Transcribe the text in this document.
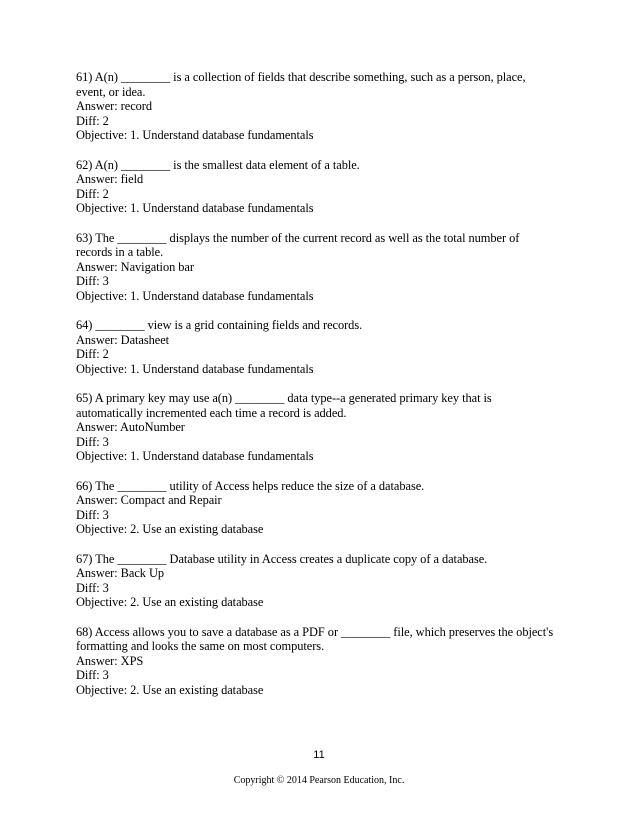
61) A(n) ________ is a collection of fields that describe something, such as a person, place, event, or idea.

Answer: record

Diff: 2

Objective: 1. Understand database fundamentals

62) A(n) ________ is the smallest data element of a table.

Answer: field

Diff: 2

Objective: 1. Understand database fundamentals

63) The ________ displays the number of the current record as well as the total number of records in a table.

Answer: Navigation bar

Diff: 3

Objective: 1. Understand database fundamentals

64) ________ view is a grid containing fields and records.

Answer: Datasheet

Diff: 2

Objective: 1. Understand database fundamentals

65) A primary key may use a(n) ________ data type--a generated primary key that is automatically incremented each time a record is added.

Answer: AutoNumber

Diff: 3

Objective: 1. Understand database fundamentals

66) The ________ utility of Access helps reduce the size of a database.

Answer: Compact and Repair

Diff: 3

Objective: 2. Use an existing database

67) The ________ Database utility in Access creates a duplicate copy of a database.

Answer: Back Up

Diff: 3

Objective: 2. Use an existing database

68) Access allows you to save a database as a PDF or ________ file, which preserves the object's formatting and looks the same on most computers.

Answer: XPS

Diff: 3

Objective: 2. Use an existing database

11
Copyright © 2014 Pearson Education, Inc.
